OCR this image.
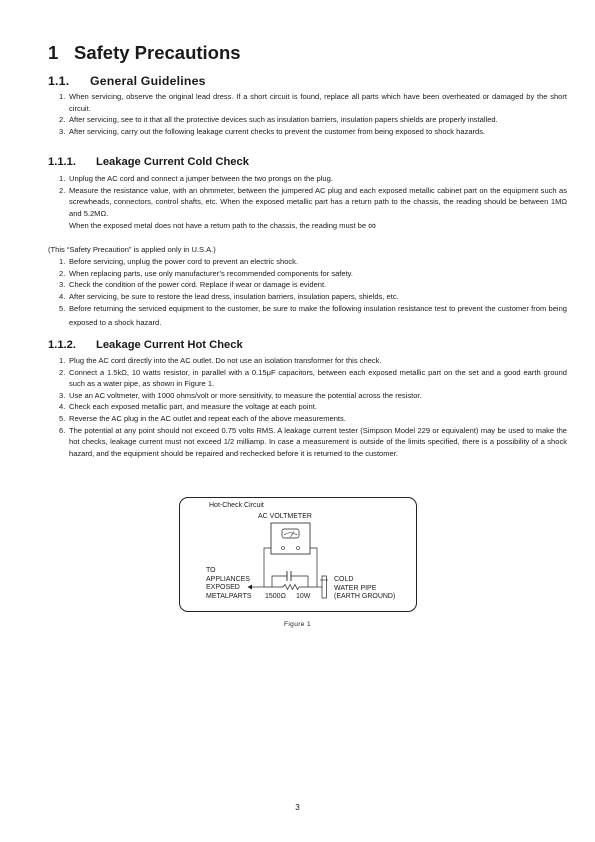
1 Safety Precautions
1.1. General Guidelines
1. When servicing, observe the original lead dress. If a short circuit is found, replace all parts which have been overheated or damaged by the short circuit.
2. After servicing, see to it that all the protective devices such as insulation barriers, insulation papers shields are properly installed.
3. After servicing, carry out the following leakage current checks to prevent the customer from being exposed to shock hazards.
1.1.1. Leakage Current Cold Check
1. Unplug the AC cord and connect a jumper between the two prongs on the plug.
2. Measure the resistance value, with an ohmmeter, between the jumpered AC plug and each exposed metallic cabinet part on the equipment such as screwheads, connectors, control shafts, etc. When the exposed metallic part has a return path to the chassis, the reading should be between 1MΩ and 5.2MΩ.
When the exposed metal does not have a return path to the chassis, the reading must be ∞
(This “Safety Precaution” is applied only in U.S.A.)
1. Before servicing, unplug the power cord to prevent an electric shock.
2. When replacing parts, use only manufacturer’s recommended components for safety.
3. Check the condition of the power cord. Replace if wear or damage is evident.
4. After servicing, be sure to restore the lead dress, insulation barriers, insulation papers, shields, etc.
5. Before returning the serviced equipment to the customer, be sure to make the following insulation resistance test to prevent the customer from being exposed to a shock hazard.
1.1.2. Leakage Current Hot Check
1. Plug the AC cord directly into the AC outlet. Do not use an isolation transformer for this check.
2. Connect a 1.5kΩ, 10 watts resistor, in parallel with a 0.15μF capacitors, between each exposed metallic part on the set and a good earth ground such as a water pipe, as shown in Figure 1.
3. Use an AC voltmeter, with 1000 ohms/volt or more sensitivity, to measure the potential across the resistor.
4. Check each exposed metallic part, and measure the voltage at each point.
5. Reverse the AC plug in the AC outlet and repeat each of the above measurements.
6. The potential at any point should not exceed 0.75 volts RMS. A leakage current tester (Simpson Model 229 or equivalent) may be used to make the hot checks, leakage current must not exceed 1/2 milliamp. In case a measurement is outside of the limits specified, there is a possibility of a shock hazard, and the equipment should be repaired and rechecked before it is returned to the customer.
Hot-Check Circuit
AC VOLTMETER
TO
APPLIANCES
EXPOSED
METALPARTS 1500Ω 10W
COLD
WATER PIPE
(EARTH GROUND)
Figure 1
3
